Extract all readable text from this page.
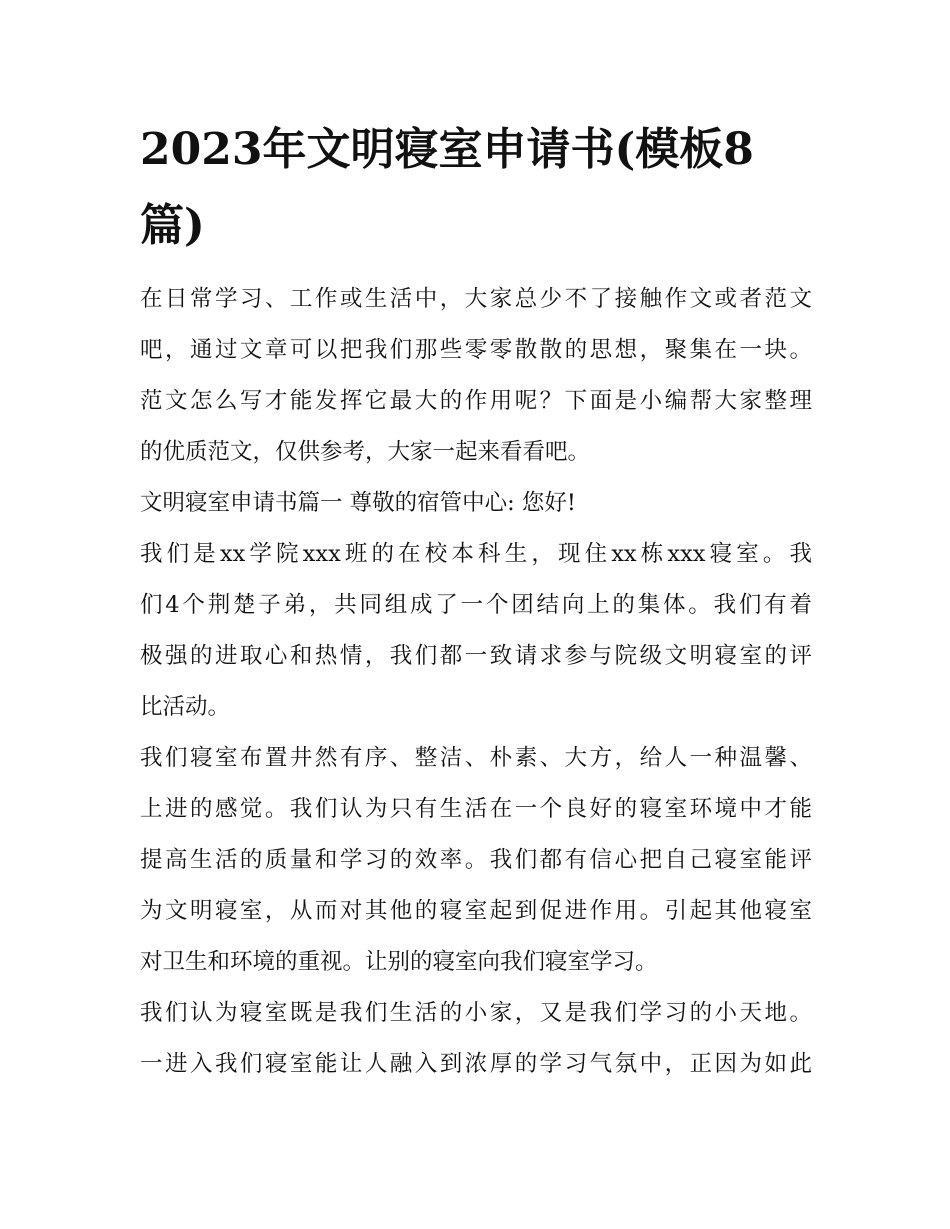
2023年文明寝室申请书(模板8
篇)
在日常学习、工作或生活中，大家总少不了接触作文或者范文
吧，通过文章可以把我们那些零零散散的思想，聚集在一块。
范文怎么写才能发挥它最大的作用呢？下面是小编帮大家整理
的优质范文，仅供参考，大家一起来看看吧。
文明寝室申请书篇一 尊敬的宿管中心: 您好!
我们是xx学院xxx班的在校本科生，现住xx栋xxx寝室。我
们4个荆楚子弟，共同组成了一个团结向上的集体。我们有着
极强的进取心和热情，我们都一致请求参与院级文明寝室的评
比活动。
我们寝室布置井然有序、整洁、朴素、大方，给人一种温馨、
上进的感觉。我们认为只有生活在一个良好的寝室环境中才能
提高生活的质量和学习的效率。我们都有信心把自己寝室能评
为文明寝室，从而对其他的寝室起到促进作用。引起其他寝室
对卫生和环境的重视。让别的寝室向我们寝室学习。
我们认为寝室既是我们生活的小家，又是我们学习的小天地。
一进入我们寝室能让人融入到浓厚的学习气氛中，正因为如此
